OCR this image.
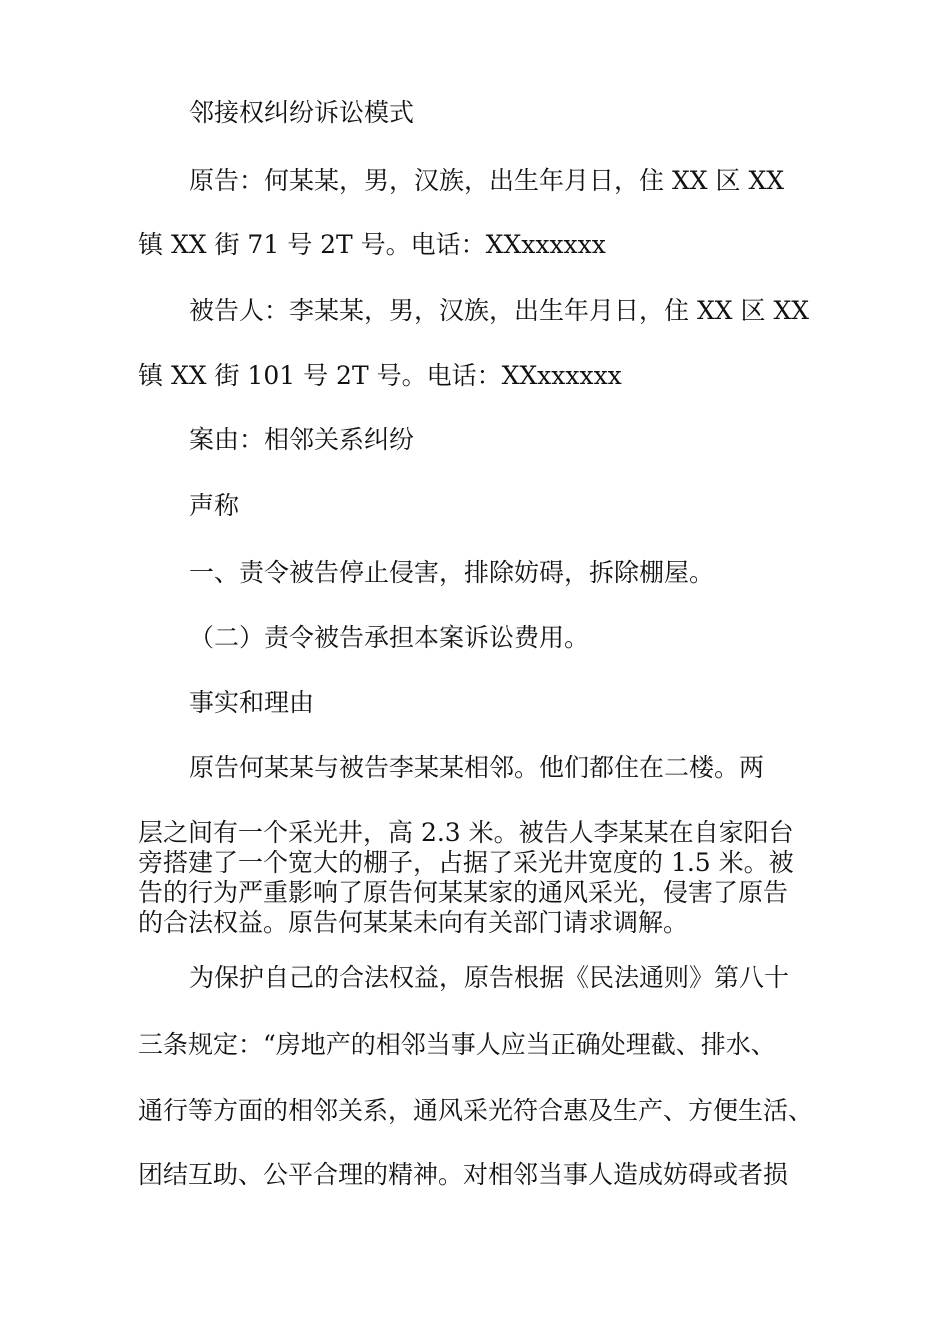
邻接权纠纷诉讼模式
原告：何某某，男，汉族，出生年月日，住 XX 区 XX
镇 XX 街 71 号 2T 号。电话：XXxxxxxx
被告人：李某某，男，汉族，出生年月日，住 XX 区 XX
镇 XX 街 101 号 2T 号。电话：XXxxxxxx
案由：相邻关系纠纷
声称
一、责令被告停止侵害，排除妨碍，拆除棚屋。
（二）责令被告承担本案诉讼费用。
事实和理由
原告何某某与被告李某某相邻。他们都住在二楼。两
层之间有一个采光井，高 2.3 米。被告人李某某在自家阳台
旁搭建了一个宽大的棚子，占据了采光井宽度的 1.5 米。被
告的行为严重影响了原告何某某家的通风采光，侵害了原告
的合法权益。原告何某某未向有关部门请求调解。
为保护自己的合法权益，原告根据《民法通则》第八十
三条规定：“房地产的相邻当事人应当正确处理截、排水、
通行等方面的相邻关系，通风采光符合惠及生产、方便生活、
团结互助、公平合理的精神。对相邻当事人造成妨碍或者损
